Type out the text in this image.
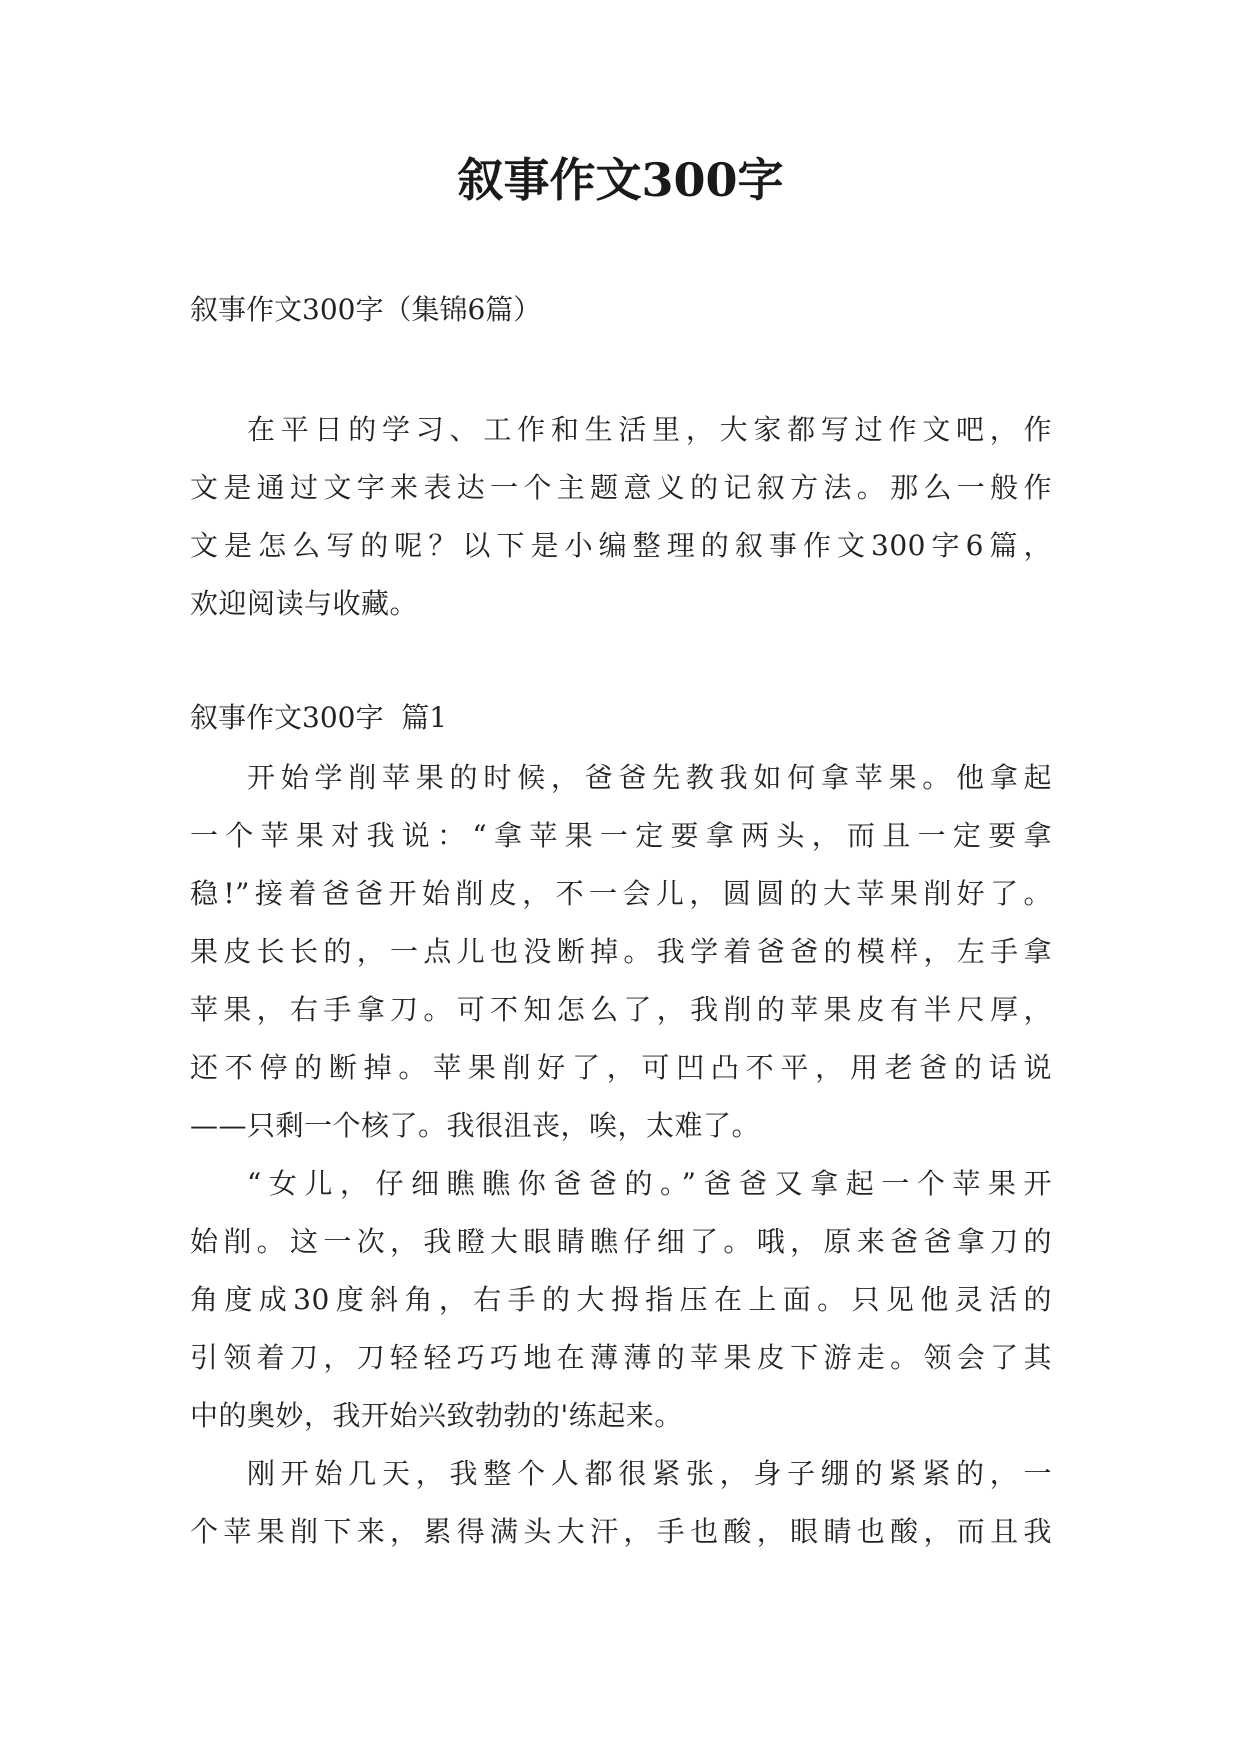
叙事作文300字
叙事作文300字（集锦6篇）
在平日的学习、工作和生活里，大家都写过作文吧，作
文是通过文字来表达一个主题意义的记叙方法。那么一般作
文是怎么写的呢？以下是小编整理的叙事作文300字6篇，
欢迎阅读与收藏。
叙事作文300字  篇1
开始学削苹果的时候，爸爸先教我如何拿苹果。他拿起
一个苹果对我说：“拿苹果一定要拿两头，而且一定要拿
稳!”接着爸爸开始削皮，不一会儿，圆圆的大苹果削好了。
果皮长长的，一点儿也没断掉。我学着爸爸的模样，左手拿
苹果，右手拿刀。可不知怎么了，我削的苹果皮有半尺厚，
还不停的断掉。苹果削好了，可凹凸不平，用老爸的话说
——只剩一个核了。我很沮丧，唉，太难了。
“女儿，仔细瞧瞧你爸爸的。”爸爸又拿起一个苹果开
始削。这一次，我瞪大眼睛瞧仔细了。哦，原来爸爸拿刀的
角度成30度斜角，右手的大拇指压在上面。只见他灵活的
引领着刀，刀轻轻巧巧地在薄薄的苹果皮下游走。领会了其
中的奥妙，我开始兴致勃勃的'练起来。
刚开始几天，我整个人都很紧张，身子绷的紧紧的，一
个苹果削下来，累得满头大汗，手也酸，眼睛也酸，而且我
